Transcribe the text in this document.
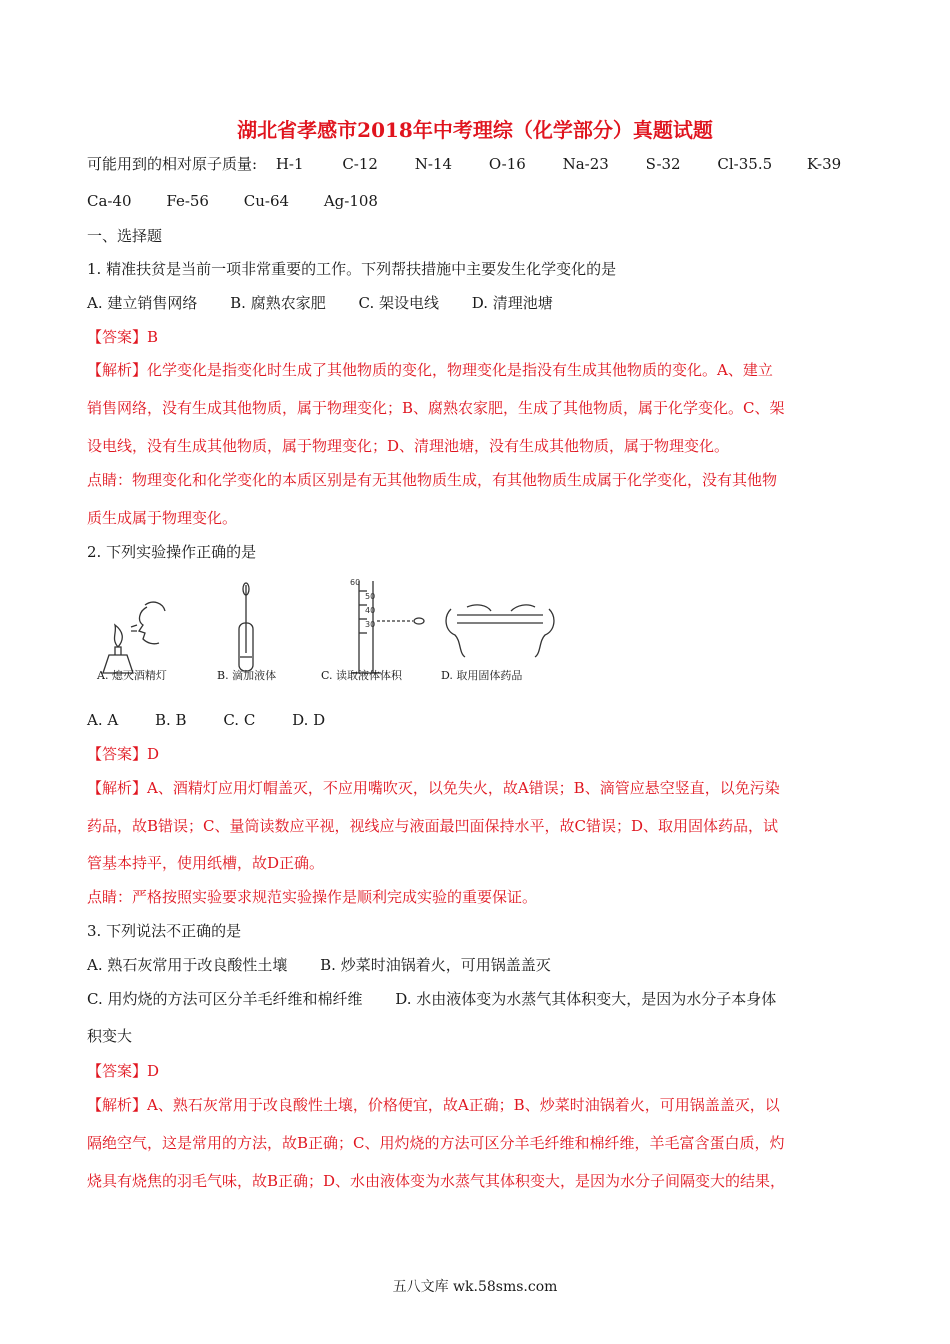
湖北省孝感市2018年中考理综（化学部分）真题试题
可能用到的相对原子质量: H-1	C-12 N-14 O-16 Na-23 S-32 Cl-35.5 K-39
Ca-40 Fe-56 Cu-64 Ag-108
一、选择题
1. 精准扶贫是当前一项非常重要的工作。下列帮扶措施中主要发生化学变化的是
A. 建立销售网络 B. 腐熟农家肥 C. 架设电线 D. 清理池塘
【答案】B
【解析】化学变化是指变化时生成了其他物质的变化，物理变化是指没有生成其他物质的变化。A、建立
销售网络，没有生成其他物质，属于物理变化；B、腐熟农家肥，生成了其他物质，属于化学变化。C、架
设电线，没有生成其他物质，属于物理变化；D、清理池塘，没有生成其他物质，属于物理变化。
点睛：物理变化和化学变化的本质区别是有无其他物质生成，有其他物质生成属于化学变化，没有其他物
质生成属于物理变化。
2. 下列实验操作正确的是
60
50
40
30
A. 熄灭酒精灯	B. 滴加液体	C. 读取液体体积	D. 取用固体药品
A. A B. B C. C D. D
【答案】D
【解析】A、酒精灯应用灯帽盖灭，不应用嘴吹灭，以免失火，故A错误；B、滴管应悬空竖直，以免污染
药品，故B错误；C、量筒读数应平视，视线应与液面最凹面保持水平，故C错误；D、取用固体药品，试
管基本持平，使用纸槽，故D正确。
点睛：严格按照实验要求规范实验操作是顺利完成实验的重要保证。
3. 下列说法不正确的是
A. 熟石灰常用于改良酸性土壤 B. 炒菜时油锅着火，可用锅盖盖灭
C. 用灼烧的方法可区分羊毛纤维和棉纤维 D. 水由液体变为水蒸气其体积变大，是因为水分子本身体
积变大
【答案】D
【解析】A、熟石灰常用于改良酸性土壤，价格便宜，故A正确；B、炒菜时油锅着火，可用锅盖盖灭，以
隔绝空气，这是常用的方法，故B正确；C、用灼烧的方法可区分羊毛纤维和棉纤维，羊毛富含蛋白质，灼
烧具有烧焦的羽毛气味，故B正确；D、水由液体变为水蒸气其体积变大，是因为水分子间隔变大的结果，
五八文库 wk.58sms.com
